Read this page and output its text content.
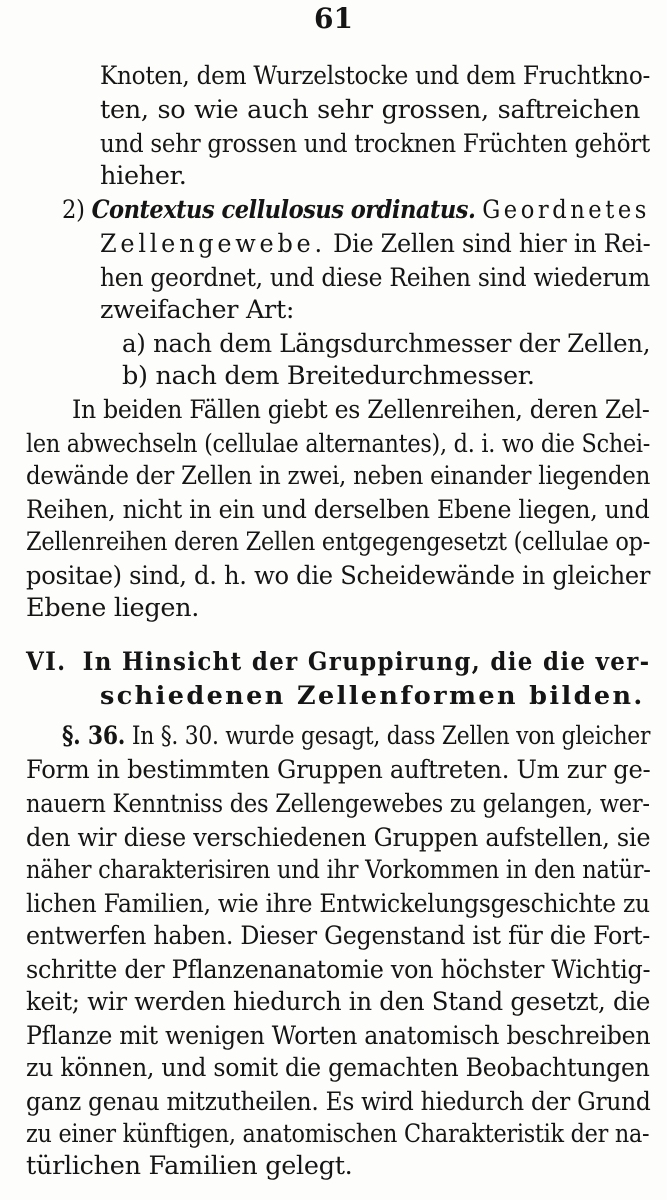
61
Knoten, dem Wurzelstocke und dem Fruchtkno-
ten, so wie auch sehr grossen, saftreichen
und sehr grossen und trocknen Früchten gehört
hieher.
2) Contextus cellulosus ordinatus. Geordnetes
Zellengewebe. Die Zellen sind hier in Rei-
hen geordnet, und diese Reihen sind wiederum
zweifacher Art:
a) nach dem Längsdurchmesser der Zellen,
b) nach dem Breitedurchmesser.
In beiden Fällen giebt es Zellenreihen, deren Zel-
len abwechseln (cellulae alternantes), d. i. wo die Schei-
dewände der Zellen in zwei, neben einander liegenden
Reihen, nicht in ein und derselben Ebene liegen, und
Zellenreihen deren Zellen entgegengesetzt (cellulae op-
positae) sind, d. h. wo die Scheidewände in gleicher
Ebene liegen.
VI. In Hinsicht der Gruppirung, die die ver-
schiedenen Zellenformen bilden.
§. 36. In §. 30. wurde gesagt, dass Zellen von gleicher
Form in bestimmten Gruppen auftreten. Um zur ge-
nauern Kenntniss des Zellengewebes zu gelangen, wer-
den wir diese verschiedenen Gruppen aufstellen, sie
näher charakterisiren und ihr Vorkommen in den natür-
lichen Familien, wie ihre Entwickelungsgeschichte zu
entwerfen haben. Dieser Gegenstand ist für die Fort-
schritte der Pflanzenanatomie von höchster Wichtig-
keit; wir werden hiedurch in den Stand gesetzt, die
Pflanze mit wenigen Worten anatomisch beschreiben
zu können, und somit die gemachten Beobachtungen
ganz genau mitzutheilen. Es wird hiedurch der Grund
zu einer künftigen, anatomischen Charakteristik der na-
türlichen Familien gelegt.
